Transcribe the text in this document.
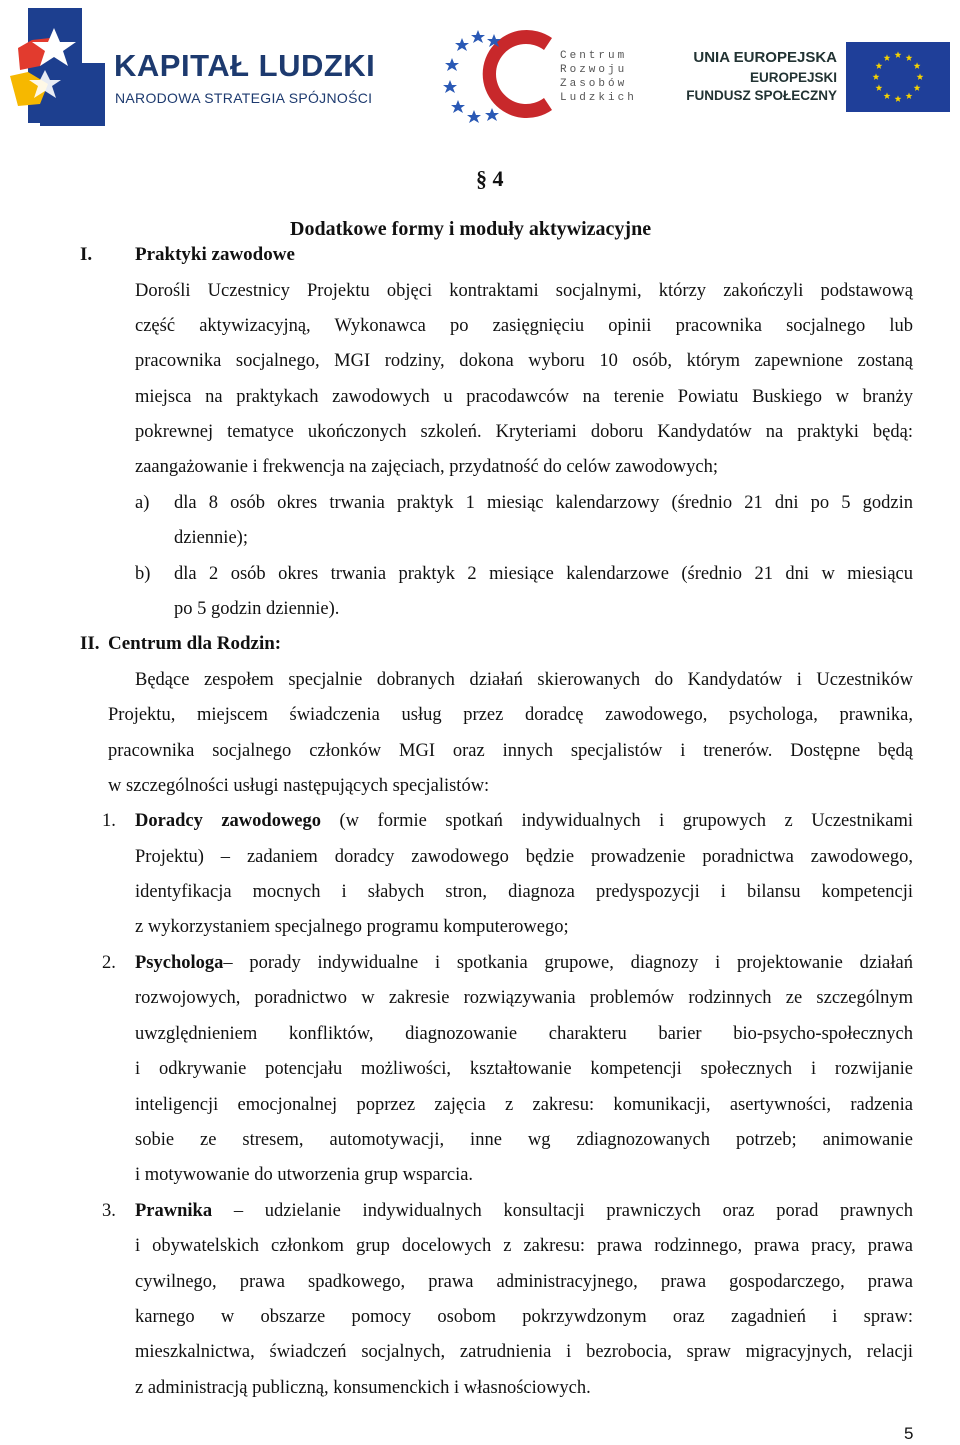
KAPITAŁ LUDZKI
NARODOWA STRATEGIA SPÓJNOŚCI
Centrum
Rozwoju
Zasobów
Ludzkich
UNIA EUROPEJSKA
EUROPEJSKI
FUNDUSZ SPOŁECZNY
§ 4
Dodatkowe formy i moduły aktywizacyjne
I. Praktyki zawodowe
Dorośli Uczestnicy Projektu objęci kontraktami socjalnymi, którzy zakończyli podstawową
część aktywizacyjną, Wykonawca po zasięgnięciu opinii pracownika socjalnego lub
pracownika socjalnego, MGI rodziny, dokona wyboru 10 osób, którym zapewnione zostaną
miejsca na praktykach zawodowych u pracodawców na terenie Powiatu Buskiego w branży
pokrewnej tematyce ukończonych szkoleń. Kryteriami doboru Kandydatów na praktyki będą:
zaangażowanie i frekwencja na zajęciach, przydatność do celów zawodowych;
a) dla 8 osób okres trwania praktyk 1 miesiąc kalendarzowy (średnio 21 dni po 5 godzin
dziennie);
b) dla 2 osób okres trwania praktyk 2 miesiące kalendarzowe (średnio 21 dni w miesiącu
po 5 godzin dziennie).
II. Centrum dla Rodzin:
Będące zespołem specjalnie dobranych działań skierowanych do Kandydatów i Uczestników
Projektu, miejscem świadczenia usług przez doradcę zawodowego, psychologa, prawnika,
pracownika socjalnego członków MGI oraz innych specjalistów i trenerów. Dostępne będą
w szczególności usługi następujących specjalistów:
1. Doradcy zawodowego (w formie spotkań indywidualnych i grupowych z Uczestnikami
Projektu) – zadaniem doradcy zawodowego będzie prowadzenie poradnictwa zawodowego,
identyfikacja mocnych i słabych stron, diagnoza predyspozycji i bilansu kompetencji
z wykorzystaniem specjalnego programu komputerowego;
2. Psychologa– porady indywidualne i spotkania grupowe, diagnozy i projektowanie działań
rozwojowych, poradnictwo w zakresie rozwiązywania problemów rodzinnych ze szczególnym
uwzględnieniem konfliktów, diagnozowanie charakteru barier bio-psycho-społecznych
i odkrywanie potencjału możliwości, kształtowanie kompetencji społecznych i rozwijanie
inteligencji emocjonalnej poprzez zajęcia z zakresu: komunikacji, asertywności, radzenia
sobie ze stresem, automotywacji, inne wg zdiagnozowanych potrzeb; animowanie
i motywowanie do utworzenia grup wsparcia.
3. Prawnika – udzielanie indywidualnych konsultacji prawniczych oraz porad prawnych
i obywatelskich członkom grup docelowych z zakresu: prawa rodzinnego, prawa pracy, prawa
cywilnego, prawa spadkowego, prawa administracyjnego, prawa gospodarczego, prawa
karnego w obszarze pomocy osobom pokrzywdzonym oraz zagadnień i spraw:
mieszkalnictwa, świadczeń socjalnych, zatrudnienia i bezrobocia, spraw migracyjnych, relacji
z administracją publiczną, konsumenckich i własnościowych.
5
